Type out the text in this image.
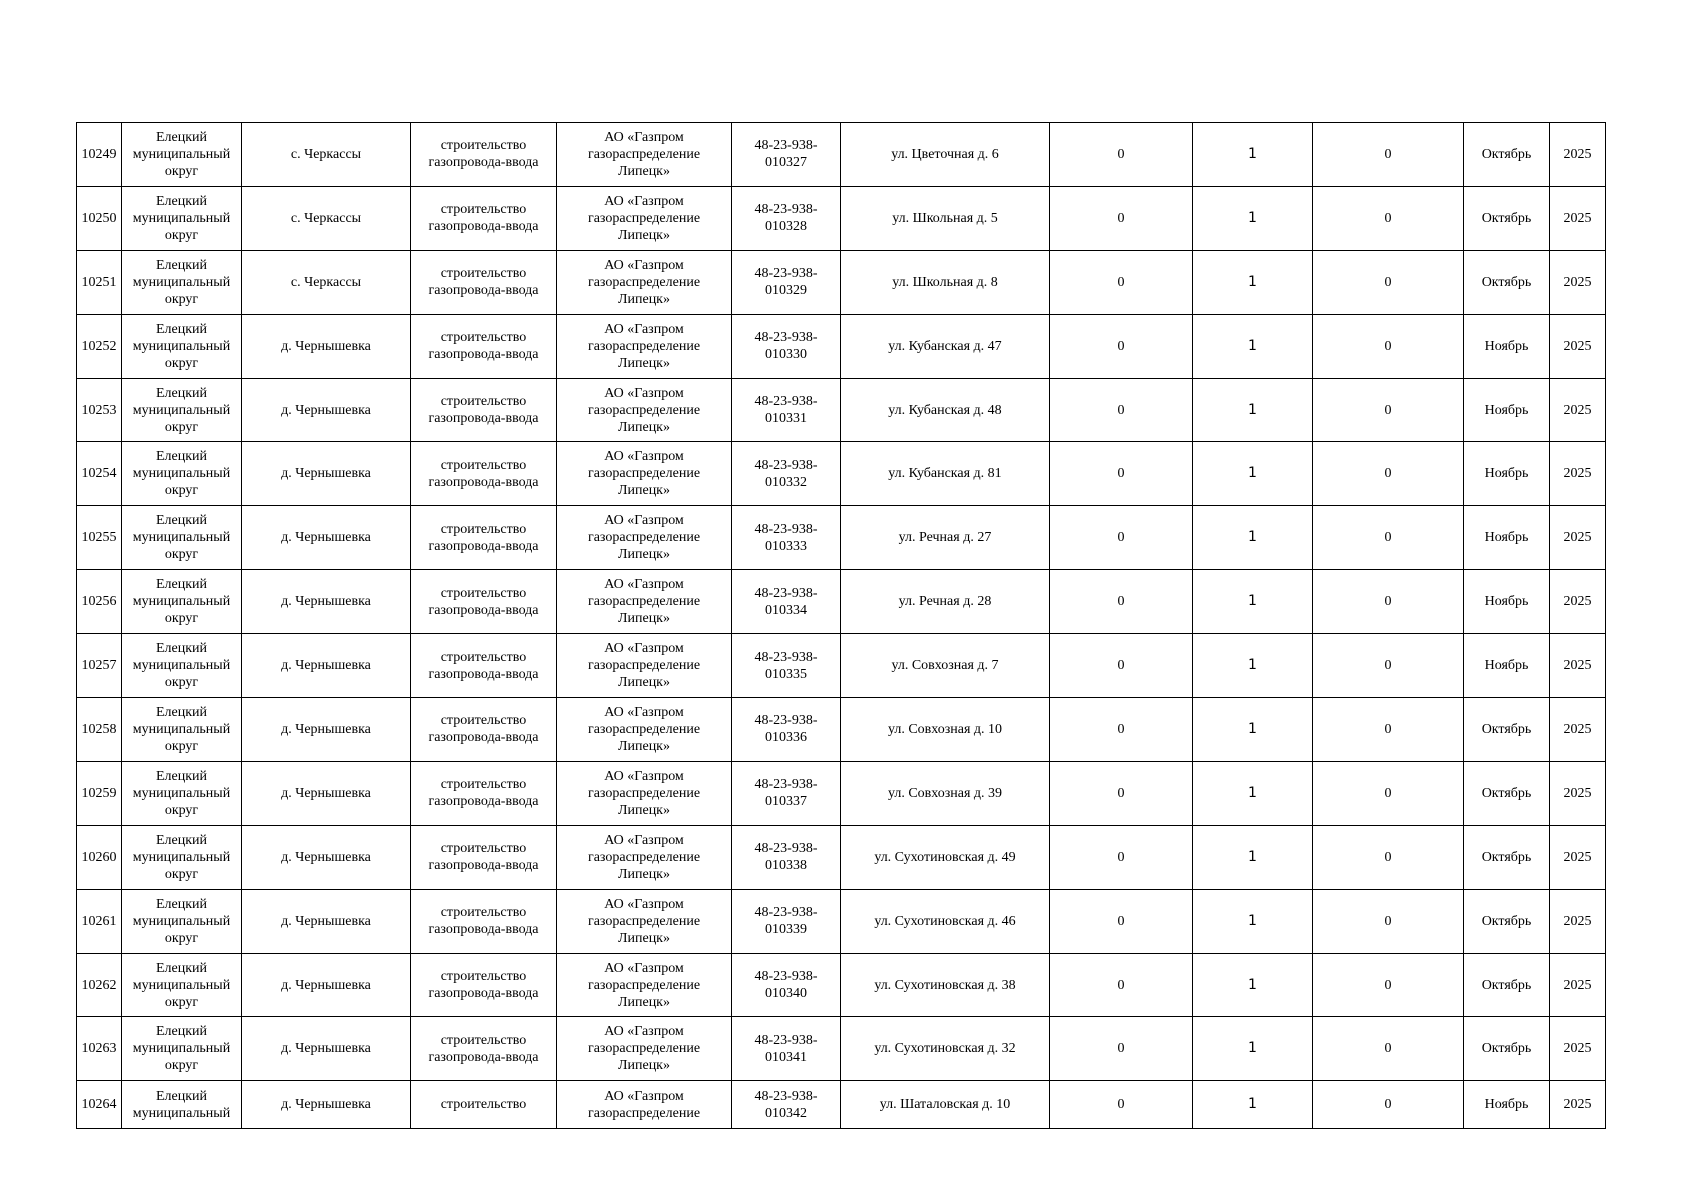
10249	Елецкий
муниципальный
округ	с. Черкассы	строительство
газопровода-ввода	АО «Газпром
газораспределение
Липецк»	48-23-938-
010327	ул. Цветочная д. 6	0	1	0	Октябрь	2025
10250	Елецкий
муниципальный
округ	с. Черкассы	строительство
газопровода-ввода	АО «Газпром
газораспределение
Липецк»	48-23-938-
010328	ул. Школьная д. 5	0	1	0	Октябрь	2025
10251	Елецкий
муниципальный
округ	с. Черкассы	строительство
газопровода-ввода	АО «Газпром
газораспределение
Липецк»	48-23-938-
010329	ул. Школьная д. 8	0	1	0	Октябрь	2025
10252	Елецкий
муниципальный
округ	д. Чернышевка	строительство
газопровода-ввода	АО «Газпром
газораспределение
Липецк»	48-23-938-
010330	ул. Кубанская д. 47	0	1	0	Ноябрь	2025
10253	Елецкий
муниципальный
округ	д. Чернышевка	строительство
газопровода-ввода	АО «Газпром
газораспределение
Липецк»	48-23-938-
010331	ул. Кубанская д. 48	0	1	0	Ноябрь	2025
10254	Елецкий
муниципальный
округ	д. Чернышевка	строительство
газопровода-ввода	АО «Газпром
газораспределение
Липецк»	48-23-938-
010332	ул. Кубанская д. 81	0	1	0	Ноябрь	2025
10255	Елецкий
муниципальный
округ	д. Чернышевка	строительство
газопровода-ввода	АО «Газпром
газораспределение
Липецк»	48-23-938-
010333	ул. Речная д. 27	0	1	0	Ноябрь	2025
10256	Елецкий
муниципальный
округ	д. Чернышевка	строительство
газопровода-ввода	АО «Газпром
газораспределение
Липецк»	48-23-938-
010334	ул. Речная д. 28	0	1	0	Ноябрь	2025
10257	Елецкий
муниципальный
округ	д. Чернышевка	строительство
газопровода-ввода	АО «Газпром
газораспределение
Липецк»	48-23-938-
010335	ул. Совхозная д. 7	0	1	0	Ноябрь	2025
10258	Елецкий
муниципальный
округ	д. Чернышевка	строительство
газопровода-ввода	АО «Газпром
газораспределение
Липецк»	48-23-938-
010336	ул. Совхозная д. 10	0	1	0	Октябрь	2025
10259	Елецкий
муниципальный
округ	д. Чернышевка	строительство
газопровода-ввода	АО «Газпром
газораспределение
Липецк»	48-23-938-
010337	ул. Совхозная д. 39	0	1	0	Октябрь	2025
10260	Елецкий
муниципальный
округ	д. Чернышевка	строительство
газопровода-ввода	АО «Газпром
газораспределение
Липецк»	48-23-938-
010338	ул. Сухотиновская д. 49	0	1	0	Октябрь	2025
10261	Елецкий
муниципальный
округ	д. Чернышевка	строительство
газопровода-ввода	АО «Газпром
газораспределение
Липецк»	48-23-938-
010339	ул. Сухотиновская д. 46	0	1	0	Октябрь	2025
10262	Елецкий
муниципальный
округ	д. Чернышевка	строительство
газопровода-ввода	АО «Газпром
газораспределение
Липецк»	48-23-938-
010340	ул. Сухотиновская д. 38	0	1	0	Октябрь	2025
10263	Елецкий
муниципальный
округ	д. Чернышевка	строительство
газопровода-ввода	АО «Газпром
газораспределение
Липецк»	48-23-938-
010341	ул. Сухотиновская д. 32	0	1	0	Октябрь	2025
10264	Елецкий
муниципальный	д. Чернышевка	строительство	АО «Газпром
газораспределение	48-23-938-
010342	ул. Шаталовская д. 10	0	1	0	Ноябрь	2025
